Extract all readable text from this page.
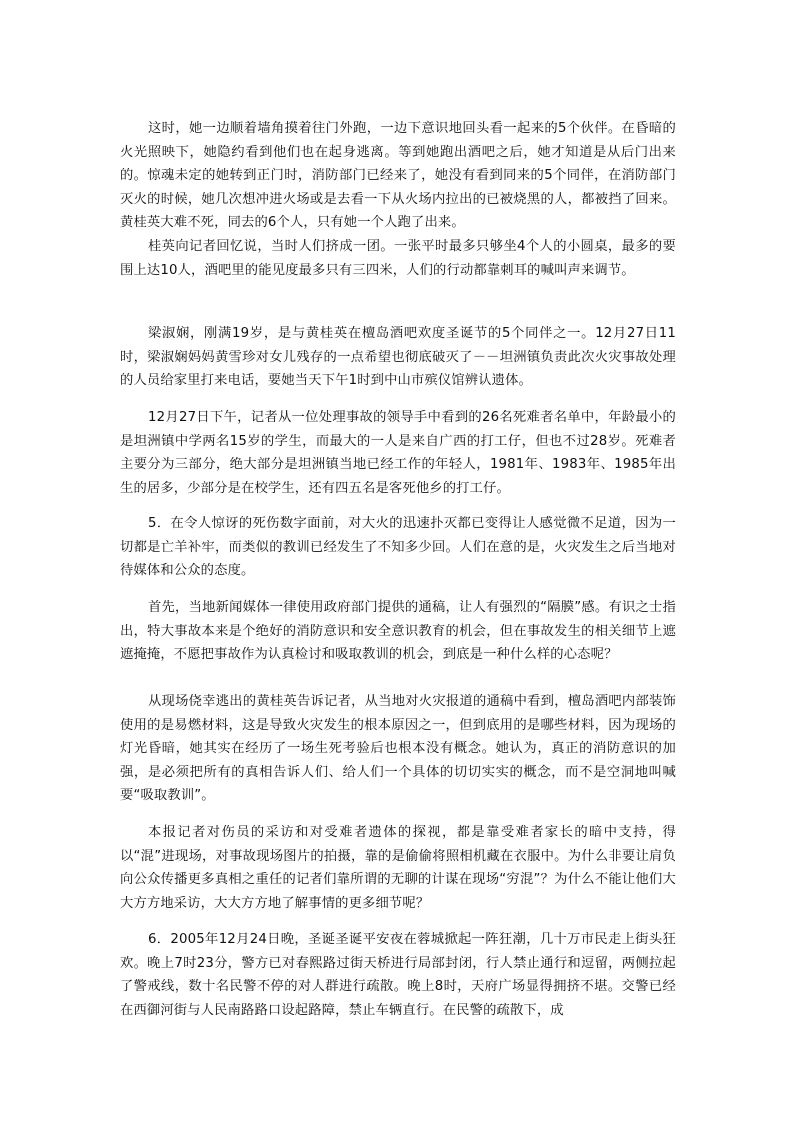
这时，她一边顺着墙角摸着往门外跑，一边下意识地回头看一起来的5个伙伴。在昏暗的火光照映下，她隐约看到他们也在起身逃离。等到她跑出酒吧之后，她才知道是从后门出来的。惊魂未定的她转到正门时，消防部门已经来了，她没有看到同来的5个同伴，在消防部门灭火的时候，她几次想冲进火场或是去看一下从火场内拉出的已被烧黑的人，都被挡了回来。黄桂英大难不死，同去的6个人，只有她一个人跑了出来。

桂英向记者回忆说，当时人们挤成一团。一张平时最多只够坐4个人的小圆桌，最多的要围上达10人，酒吧里的能见度最多只有三四米，人们的行动都靠刺耳的喊叫声来调节。

梁淑娴，刚满19岁，是与黄桂英在檀岛酒吧欢度圣诞节的5个同伴之一。12月27日11时，梁淑娴妈妈黄雪珍对女儿残存的一点希望也彻底破灭了－－坦洲镇负责此次火灾事故处理的人员给家里打来电话，要她当天下午1时到中山市殡仪馆辨认遗体。

12月27日下午，记者从一位处理事故的领导手中看到的26名死难者名单中，年龄最小的是坦洲镇中学两名15岁的学生，而最大的一人是来自广西的打工仔，但也不过28岁。死难者主要分为三部分，绝大部分是坦洲镇当地已经工作的年轻人，1981年、1983年、1985年出生的居多，少部分是在校学生，还有四五名是客死他乡的打工仔。

5．在令人惊讶的死伤数字面前，对大火的迅速扑灭都已变得让人感觉微不足道，因为一切都是亡羊补牢，而类似的教训已经发生了不知多少回。人们在意的是，火灾发生之后当地对待媒体和公众的态度。

首先，当地新闻媒体一律使用政府部门提供的通稿，让人有强烈的“隔膜”感。有识之士指出，特大事故本来是个绝好的消防意识和安全意识教育的机会，但在事故发生的相关细节上遮遮掩掩，不愿把事故作为认真检讨和吸取教训的机会，到底是一种什么样的心态呢？

从现场侥幸逃出的黄桂英告诉记者，从当地对火灾报道的通稿中看到，檀岛酒吧内部装饰使用的是易燃材料，这是导致火灾发生的根本原因之一，但到底用的是哪些材料，因为现场的灯光昏暗，她其实在经历了一场生死考验后也根本没有概念。她认为，真正的消防意识的加强，是必须把所有的真相告诉人们、给人们一个具体的切切实实的概念，而不是空洞地叫喊要“吸取教训”。

本报记者对伤员的采访和对受难者遗体的探视，都是靠受难者家长的暗中支持，得以“混”进现场，对事故现场图片的拍摄，靠的是偷偷将照相机藏在衣服中。为什么非要让肩负向公众传播更多真相之重任的记者们靠所谓的无聊的计谋在现场“穷混”？为什么不能让他们大大方方地采访，大大方方地了解事情的更多细节呢？

6．2005年12月24日晚，圣诞圣诞平安夜在蓉城掀起一阵狂潮，几十万市民走上街头狂欢。晚上7时23分，警方已对春熙路过街天桥进行局部封闭，行人禁止通行和逗留，两侧拉起了警戒线，数十名民警不停的对人群进行疏散。晚上8时，天府广场显得拥挤不堪。交警已经在西御河街与人民南路路口设起路障，禁止车辆直行。在民警的疏散下，成
